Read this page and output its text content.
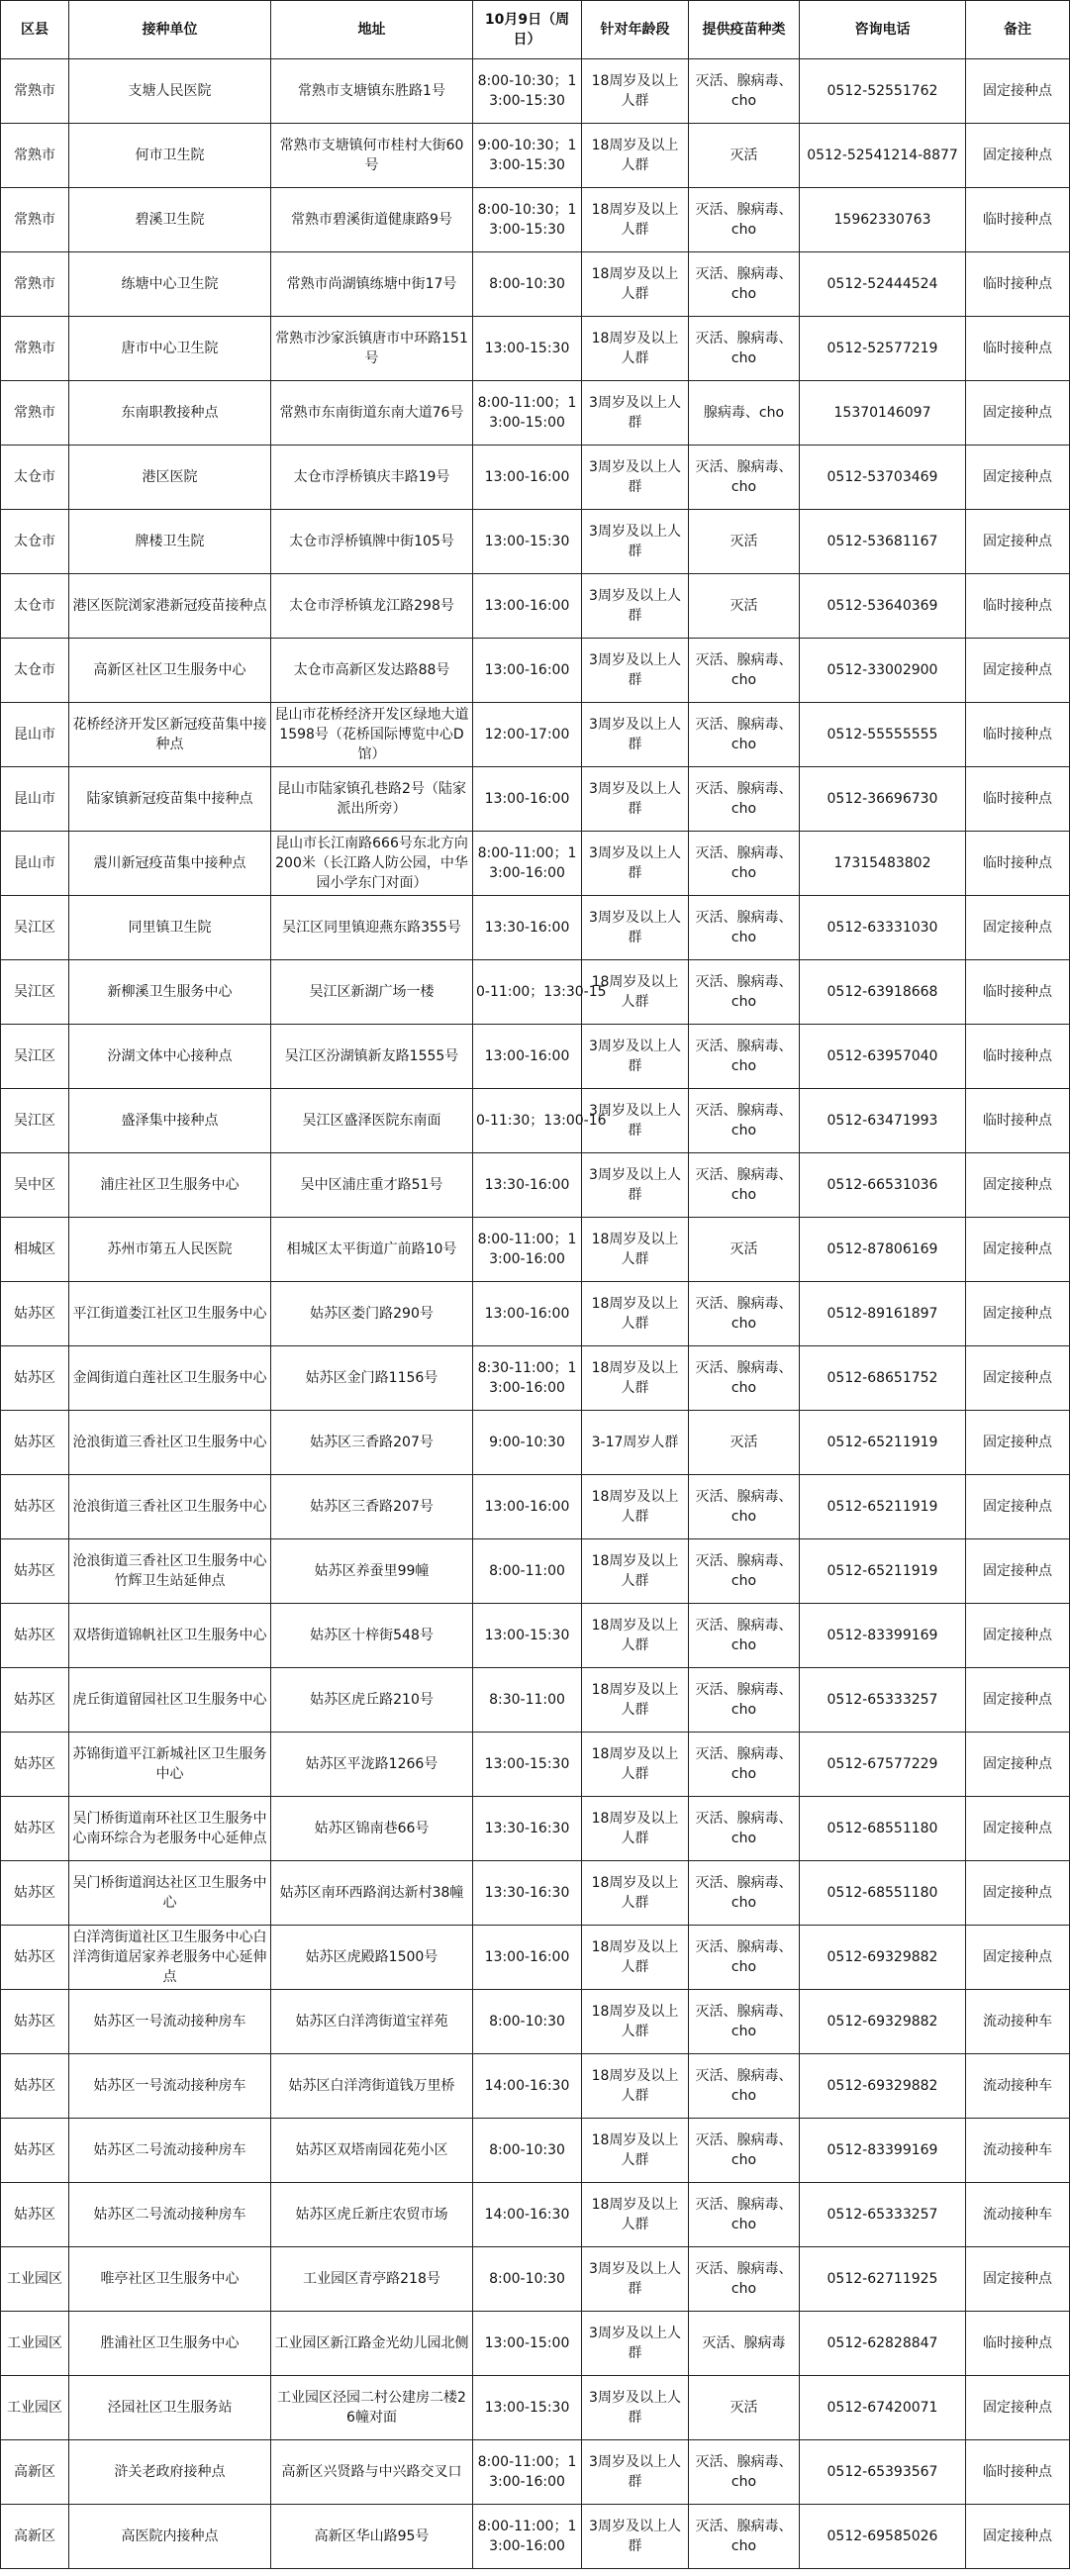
区县	接种单位	地址	10月9日（周日）	针对年龄段	提供疫苗种类	咨询电话	备注
常熟市	支塘人民医院	常熟市支塘镇东胜路1号	8:00-10:30；13:00-15:30	18周岁及以上人群	灭活、腺病毒、cho	0512-52551762	固定接种点
常熟市	何市卫生院	常熟市支塘镇何市桂村大街60号	9:00-10:30；13:00-15:30	18周岁及以上人群	灭活	0512-52541214-8877	固定接种点
常熟市	碧溪卫生院	常熟市碧溪街道健康路9号	8:00-10:30；13:00-15:30	18周岁及以上人群	灭活、腺病毒、cho	15962330763	临时接种点
常熟市	练塘中心卫生院	常熟市尚湖镇练塘中街17号	8:00-10:30	18周岁及以上人群	灭活、腺病毒、cho	0512-52444524	临时接种点
常熟市	唐市中心卫生院	常熟市沙家浜镇唐市中环路151号	13:00-15:30	18周岁及以上人群	灭活、腺病毒、cho	0512-52577219	临时接种点
常熟市	东南职教接种点	常熟市东南街道东南大道76号	8:00-11:00；13:00-15:00	3周岁及以上人群	腺病毒、cho	15370146097	固定接种点
太仓市	港区医院	太仓市浮桥镇庆丰路19号	13:00-16:00	3周岁及以上人群	灭活、腺病毒、cho	0512-53703469	固定接种点
太仓市	牌楼卫生院	太仓市浮桥镇牌中街105号	13:00-15:30	3周岁及以上人群	灭活	0512-53681167	固定接种点
太仓市	港区医院浏家港新冠疫苗接种点	太仓市浮桥镇龙江路298号	13:00-16:00	3周岁及以上人群	灭活	0512-53640369	临时接种点
太仓市	高新区社区卫生服务中心	太仓市高新区发达路88号	13:00-16:00	3周岁及以上人群	灭活、腺病毒、cho	0512-33002900	固定接种点
昆山市	花桥经济开发区新冠疫苗集中接种点	昆山市花桥经济开发区绿地大道1598号（花桥国际博览中心D馆）	12:00-17:00	3周岁及以上人群	灭活、腺病毒、cho	0512-55555555	临时接种点
昆山市	陆家镇新冠疫苗集中接种点	昆山市陆家镇孔巷路2号（陆家派出所旁）	13:00-16:00	3周岁及以上人群	灭活、腺病毒、cho	0512-36696730	临时接种点
昆山市	震川新冠疫苗集中接种点	昆山市长江南路666号东北方向200米（长江路人防公园，中华园小学东门对面）	8:00-11:00；13:00-16:00	3周岁及以上人群	灭活、腺病毒、cho	17315483802	临时接种点
吴江区	同里镇卫生院	吴江区同里镇迎燕东路355号	13:30-16:00	3周岁及以上人群	灭活、腺病毒、cho	0512-63331030	固定接种点
吴江区	新柳溪卫生服务中心	吴江区新湖广场一楼	0-11:00；13:30-15	18周岁及以上人群	灭活、腺病毒、cho	0512-63918668	临时接种点
吴江区	汾湖文体中心接种点	吴江区汾湖镇新友路1555号	13:00-16:00	3周岁及以上人群	灭活、腺病毒、cho	0512-63957040	临时接种点
吴江区	盛泽集中接种点	吴江区盛泽医院东南面	0-11:30；13:00-16	3周岁及以上人群	灭活、腺病毒、cho	0512-63471993	临时接种点
吴中区	浦庄社区卫生服务中心	吴中区浦庄重才路51号	13:30-16:00	3周岁及以上人群	灭活、腺病毒、cho	0512-66531036	固定接种点
相城区	苏州市第五人民医院	相城区太平街道广前路10号	8:00-11:00；13:00-16:00	18周岁及以上人群	灭活	0512-87806169	固定接种点
姑苏区	平江街道娄江社区卫生服务中心	姑苏区娄门路290号	13:00-16:00	18周岁及以上人群	灭活、腺病毒、cho	0512-89161897	固定接种点
姑苏区	金阊街道白莲社区卫生服务中心	姑苏区金门路1156号	8:30-11:00；13:00-16:00	18周岁及以上人群	灭活、腺病毒、cho	0512-68651752	固定接种点
姑苏区	沧浪街道三香社区卫生服务中心	姑苏区三香路207号	9:00-10:30	3-17周岁人群	灭活	0512-65211919	固定接种点
姑苏区	沧浪街道三香社区卫生服务中心	姑苏区三香路207号	13:00-16:00	18周岁及以上人群	灭活、腺病毒、cho	0512-65211919	固定接种点
姑苏区	沧浪街道三香社区卫生服务中心竹辉卫生站延伸点	姑苏区养蚕里99幢	8:00-11:00	18周岁及以上人群	灭活、腺病毒、cho	0512-65211919	固定接种点
姑苏区	双塔街道锦帆社区卫生服务中心	姑苏区十梓街548号	13:00-15:30	18周岁及以上人群	灭活、腺病毒、cho	0512-83399169	固定接种点
姑苏区	虎丘街道留园社区卫生服务中心	姑苏区虎丘路210号	8:30-11:00	18周岁及以上人群	灭活、腺病毒、cho	0512-65333257	固定接种点
姑苏区	苏锦街道平江新城社区卫生服务中心	姑苏区平泷路1266号	13:00-15:30	18周岁及以上人群	灭活、腺病毒、cho	0512-67577229	固定接种点
姑苏区	吴门桥街道南环社区卫生服务中心南环综合为老服务中心延伸点	姑苏区锦南巷66号	13:30-16:30	18周岁及以上人群	灭活、腺病毒、cho	0512-68551180	固定接种点
姑苏区	吴门桥街道润达社区卫生服务中心	姑苏区南环西路润达新村38幢	13:30-16:30	18周岁及以上人群	灭活、腺病毒、cho	0512-68551180	固定接种点
姑苏区	白洋湾街道社区卫生服务中心白洋湾街道居家养老服务中心延伸点	姑苏区虎殿路1500号	13:00-16:00	18周岁及以上人群	灭活、腺病毒、cho	0512-69329882	固定接种点
姑苏区	姑苏区一号流动接种房车	姑苏区白洋湾街道宝祥苑	8:00-10:30	18周岁及以上人群	灭活、腺病毒、cho	0512-69329882	流动接种车
姑苏区	姑苏区一号流动接种房车	姑苏区白洋湾街道钱万里桥	14:00-16:30	18周岁及以上人群	灭活、腺病毒、cho	0512-69329882	流动接种车
姑苏区	姑苏区二号流动接种房车	姑苏区双塔南园花苑小区	8:00-10:30	18周岁及以上人群	灭活、腺病毒、cho	0512-83399169	流动接种车
姑苏区	姑苏区二号流动接种房车	姑苏区虎丘新庄农贸市场	14:00-16:30	18周岁及以上人群	灭活、腺病毒、cho	0512-65333257	流动接种车
工业园区	唯亭社区卫生服务中心	工业园区青亭路218号	8:00-10:30	3周岁及以上人群	灭活、腺病毒、cho	0512-62711925	固定接种点
工业园区	胜浦社区卫生服务中心	工业园区新江路金光幼儿园北侧	13:00-15:00	3周岁及以上人群	灭活、腺病毒	0512-62828847	临时接种点
工业园区	泾园社区卫生服务站	工业园区泾园二村公建房二楼26幢对面	13:00-15:30	3周岁及以上人群	灭活	0512-67420071	固定接种点
高新区	浒关老政府接种点	高新区兴贤路与中兴路交叉口	8:00-11:00；13:00-16:00	3周岁及以上人群	灭活、腺病毒、cho	0512-65393567	临时接种点
高新区	高医院内接种点	高新区华山路95号	8:00-11:00；13:00-16:00	3周岁及以上人群	灭活、腺病毒、cho	0512-69585026	固定接种点
